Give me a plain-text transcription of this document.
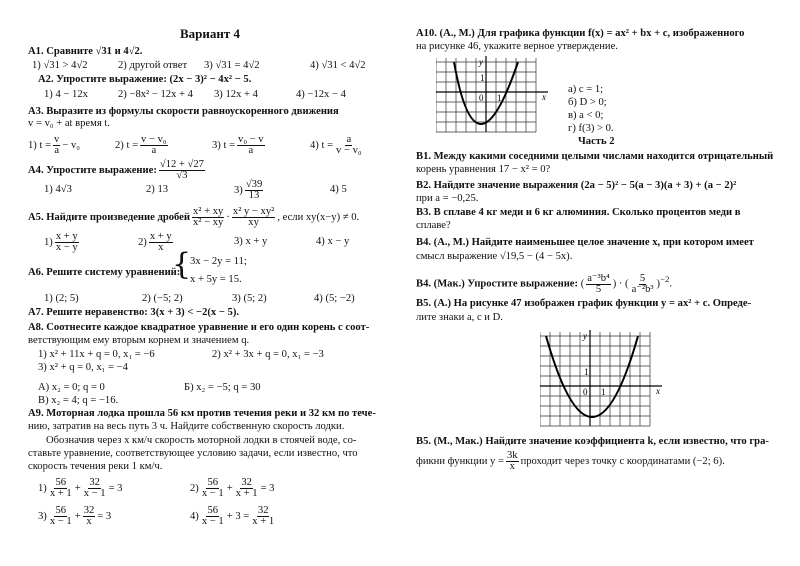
Вариант 4
А1. Сравните √31 и 4√2.
1) √31 > 4√2	2) другой ответ 3) √31 = 4√2	4) √31 < 4√2
А2. Упростите выражение: (2x − 3)² − 4x² − 5.
1) 4 − 12x	2) −8x² − 12x + 4 3) 12x + 4	4) −12x − 4
А3. Выразите из формулы скорости равноускоренного движения
v = v₀ + at время t.
1) $t = \frac{v}{a} - v_0$	2) $t = \frac{\text{v − v₀}}{a}$	3) $t = \frac{\text{v₀ − v}}{a}$	4) $t = \frac{a}{\text{v − v₀}}$
А4. Упростите выражение: $\frac{√12 + √27}{√3}$
1) 4√3	2) 13	$3) \frac{√39}{13}$	4) 5
А5. Найдите произведение дробей $\frac{\text{x² + xy}}{\text{x² − xy}} \cdot \frac{\text{x² y − xy²}}{xy}$ , если xy(x−y) ≠ 0.
$1) \frac{x + y}{x - y}$	$2) \frac{x + y}{x}$	3) x + y	4) x − y
А6. Решите систему уравнений:
{
3x − 2y = 11;
x + 5y = 15.
1) (2; 5)	2) (−5; 2)	3) (5; 2)	4) (5; −2)
А7. Решите неравенство: 3(x + 3) < −2(x − 5).
А8. Соотнесите каждое квадратное уравнение и его один корень с соот-
ветствующим ему вторым корнем и значением q.
1) x² + 11x + q = 0, x₁ = −6	2) x² + 3x + q = 0, x₁ = −3
3) x² + q = 0, x₁ = −4
А) x₂ = 0; q = 0	Б) x₂ = −5; q = 30
В) x₂ = 4; q = −16.
А9. Моторная лодка прошла 56 км против течения реки и 32 км по тече-
нию, затратив на весь путь 3 ч. Найдите собственную скорость лодки.
Обозначив через x км/ч скорость моторной лодки в стоячей воде, со-
ставьте уравнение, соответствующее условию задачи, если известно, что
скорость течения реки 1 км/ч.
$1) \frac{56}{x + 1} + \frac{32}{x - 1} = 3$	$2) \frac{56}{x - 1} + \frac{32}{x + 1} = 3$
$3) \frac{56}{x - 1} + \frac{32}{x} = 3$	$4) \frac{56}{x - 1} + 3 = \frac{32}{x + 1}$
А10. (А., М.) Для графика функции f(x) = ax² + bx + c, изображенного
на рисунке 46, укажите верное утверждение.
y
x
0
1
1
а) c = 1;
б) D > 0;
в) a < 0;
г) f(3) > 0.
Часть 2
В1. Между какими соседними целыми числами находится отрицательный
корень уравнения 17 − x² = 0?
В2. Найдите значение выражения (2a − 5)² − 5(a − 3)(a + 3) + (a − 2)²
при a = −0,25.
В3. В сплаве 4 кг меди и 6 кг алюминия. Сколько процентов меди в
сплаве?
В4. (А., М.) Найдите наименьшее целое значение x, при котором имеет
смысл выражение √19,5 − (4 − 5x).
В4. (Мак.) Упростите выражение: ( $\frac{\text{a⁻³b⁴}}{5}$ ) · ( $\frac{5}{\text{a⁻²b³}} )^{-2}$.
В5. (А.) На рисунке 47 изображен график функции y = ax² + c. Опреде-
лите знаки a, c и D.
y
x
0
1
1
В5. (М., Мак.) Найдите значение коэффициента k, если известно, что гра-
фикни функции $y = \frac{3k}{x}$ проходит через точку с координатами (−2; 6).
